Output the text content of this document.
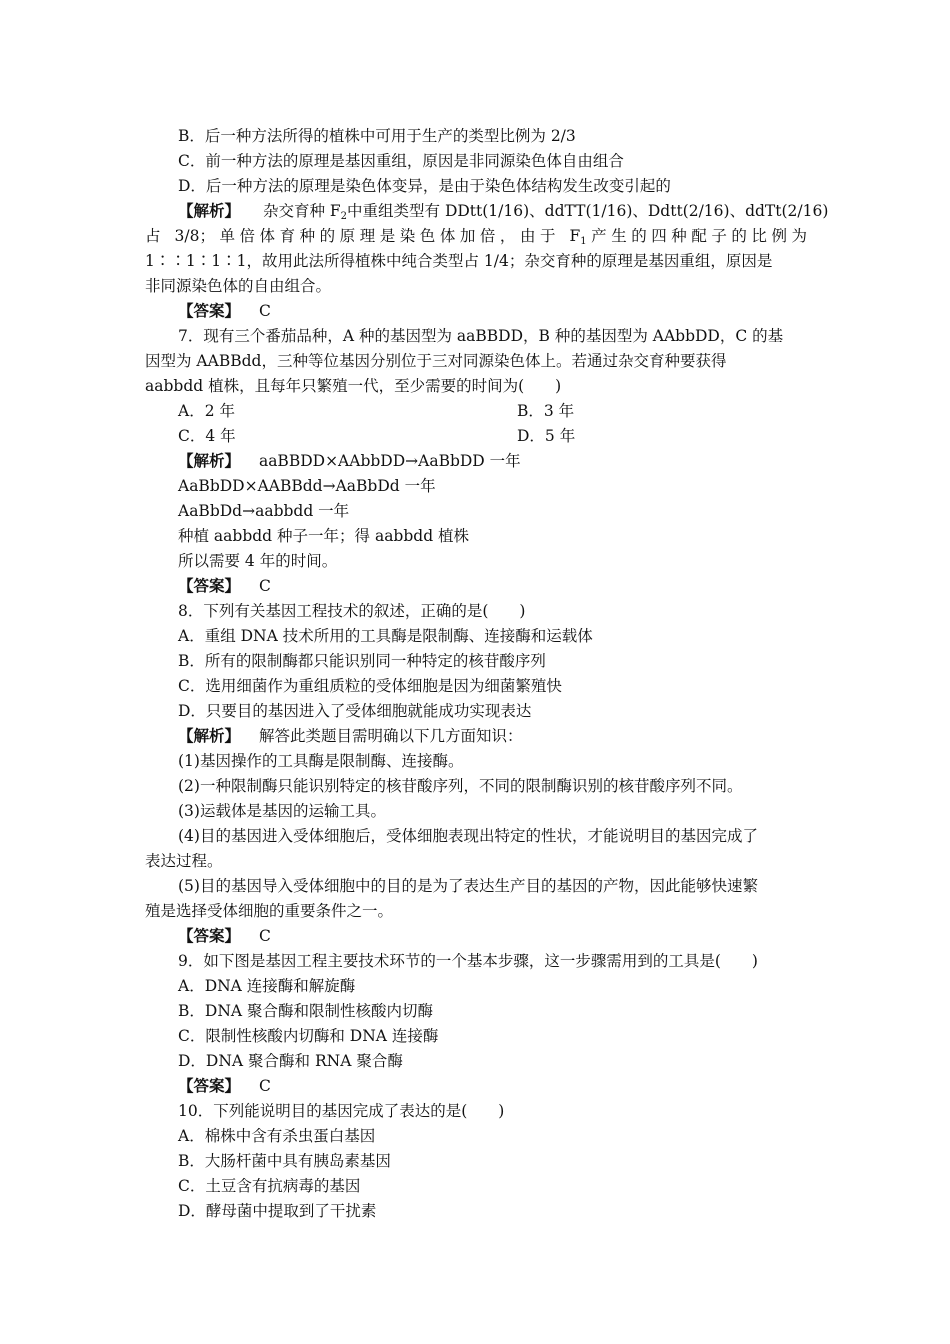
B．后一种方法所得的植株中可用于生产的类型比例为 2/3
C．前一种方法的原理是基因重组，原因是非同源染色体自由组合
D．后一种方法的原理是染色体变异，是由于染色体结构发生改变引起的
【解析】 杂交育种 $F_2$中重组类型有 DDtt(1/16)、ddTT(1/16)、Ddtt(2/16)、ddTt(2/16)
占 3/8；单倍体育种的原理是染色体加倍，由于 $F_1$产生的四种配子的比例为
1∶∶1∶1∶1，故用此法所得植株中纯合类型占 1/4；杂交育种的原理是基因重组，原因是
非同源染色体的自由组合。
【答案】 C
7．现有三个番茄品种，A 种的基因型为 aaBBDD，B 种的基因型为 AAbbDD，C 的基
因型为 AABBdd，三种等位基因分别位于三对同源染色体上。若通过杂交育种要获得
aabbdd 植株，且每年只繁殖一代，至少需要的时间为(　　)
A．2 年	B．3 年
C．4 年	D．5 年
【解析】 aaBBDD×AAbbDD→AaBbDD 一年
AaBbDD×AABBdd→AaBbDd 一年
AaBbDd→aabbdd 一年
种植 aabbdd 种子一年；得 aabbdd 植株
所以需要 4 年的时间。
【答案】 C
8．下列有关基因工程技术的叙述，正确的是(　　)
A．重组 DNA 技术所用的工具酶是限制酶、连接酶和运载体
B．所有的限制酶都只能识别同一种特定的核苷酸序列
C．选用细菌作为重组质粒的受体细胞是因为细菌繁殖快
D．只要目的基因进入了受体细胞就能成功实现表达
【解析】 解答此类题目需明确以下几方面知识：
(1)基因操作的工具酶是限制酶、连接酶。
(2)一种限制酶只能识别特定的核苷酸序列，不同的限制酶识别的核苷酸序列不同。
(3)运载体是基因的运输工具。
(4)目的基因进入受体细胞后，受体细胞表现出特定的性状，才能说明目的基因完成了
表达过程。
(5)目的基因导入受体细胞中的目的是为了表达生产目的基因的产物，因此能够快速繁
殖是选择受体细胞的重要条件之一。
【答案】 C
9．如下图是基因工程主要技术环节的一个基本步骤，这一步骤需用到的工具是(　　)
A．DNA 连接酶和解旋酶
B．DNA 聚合酶和限制性核酸内切酶
C．限制性核酸内切酶和 DNA 连接酶
D．DNA 聚合酶和 RNA 聚合酶
【答案】 C
10．下列能说明目的基因完成了表达的是(　　)
A．棉株中含有杀虫蛋白基因
B．大肠杆菌中具有胰岛素基因
C．土豆含有抗病毒的基因
D．酵母菌中提取到了干扰素
